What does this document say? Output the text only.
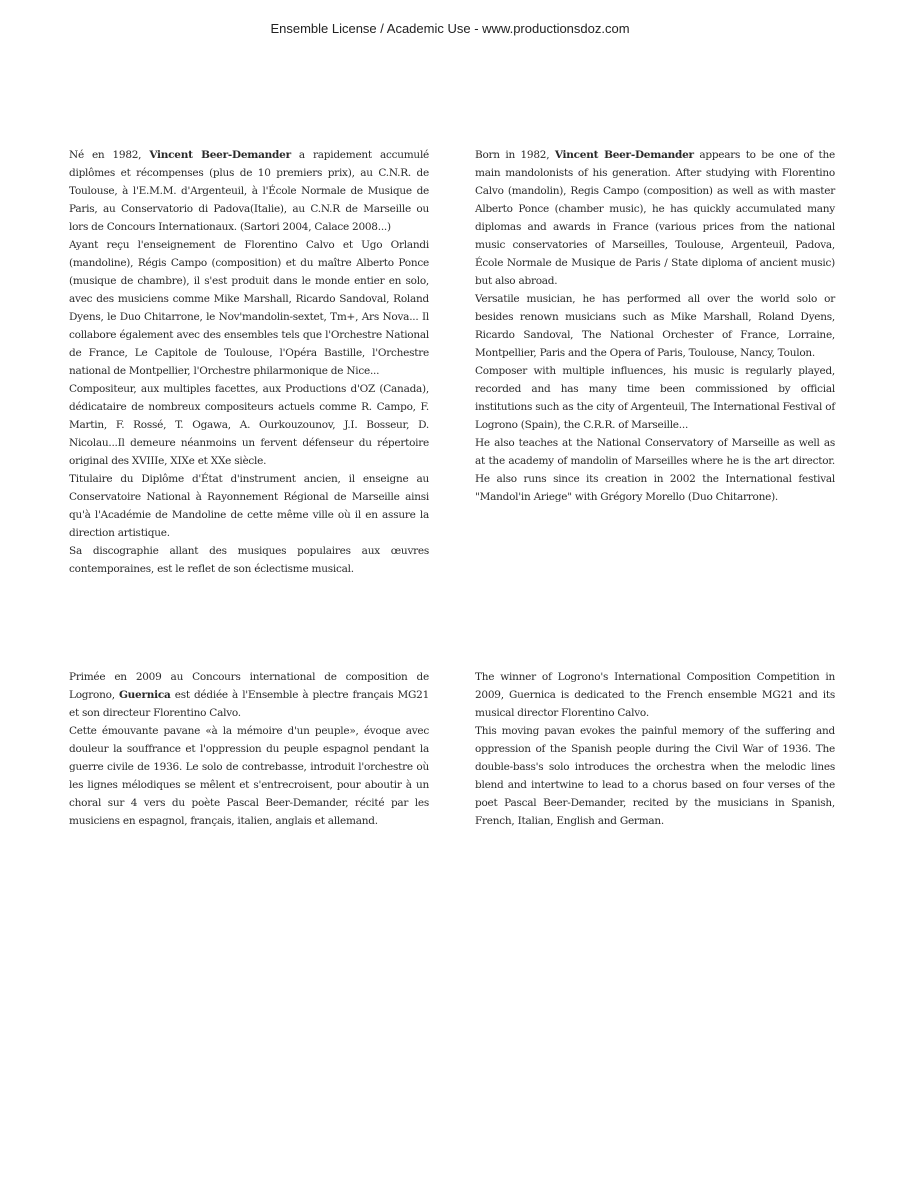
Ensemble License / Academic Use - www.productionsdoz.com

Né en 1982, Vincent Beer-Demander a rapidement accumulé diplômes et récompenses (plus de 10 premiers prix), au C.N.R. de Toulouse, à l'E.M.M. d'Argenteuil, à l'École Normale de Musique de Paris, au Conservatorio di Padova(Italie), au C.N.R de Marseille ou lors de Concours Internationaux. (Sartori 2004, Calace 2008...)

Ayant reçu l'enseignement de Florentino Calvo et Ugo Orlandi (mandoline), Régis Campo (composition) et du maître Alberto Ponce (musique de chambre), il s'est produit dans le monde entier en solo, avec des musiciens comme Mike Marshall, Ricardo Sandoval, Roland Dyens, le Duo Chitarrone, le Nov'mandolin-sextet, Tm+, Ars Nova... Il collabore également avec des ensembles tels que l'Orchestre National de France, Le Capitole de Toulouse, l'Opéra Bastille, l'Orchestre national de Montpellier, l'Orchestre philarmonique de Nice...

Compositeur, aux multiples facettes, aux Productions d'OZ (Canada), dédicataire de nombreux compositeurs actuels comme R. Campo, F. Martin, F. Rossé, T. Ogawa, A. Ourkouzounov, J.I. Bosseur, D. Nicolau...Il demeure néanmoins un fervent défenseur du répertoire original des XVIIIe, XIXe et XXe siècle.

Titulaire du Diplôme d'État d'instrument ancien, il enseigne au Conservatoire National à Rayonnement Régional de Marseille ainsi qu'à l'Académie de Mandoline de cette même ville où il en assure la direction artistique.

Sa discographie allant des musiques populaires aux œuvres contemporaines, est le reflet de son éclectisme musical.

Born in 1982, Vincent Beer-Demander appears to be one of the main mandolonists of his generation. After studying with Florentino Calvo (mandolin), Regis Campo (composition) as well as with master Alberto Ponce (chamber music), he has quickly accumulated many diplomas and awards in France (various prices from the national music conservatories of Marseilles, Toulouse, Argenteuil, Padova, École Normale de Musique de Paris / State diploma of ancient music) but also abroad.

Versatile musician, he has performed all over the world solo or besides renown musicians such as Mike Marshall, Roland Dyens, Ricardo Sandoval, The National Orchester of France, Lorraine, Montpellier, Paris and the Opera of Paris, Toulouse, Nancy, Toulon.

Composer with multiple influences, his music is regularly played, recorded and has many time been commissioned by official institutions such as the city of Argenteuil, The International Festival of Logrono (Spain), the C.R.R. of Marseille...

He also teaches at the National Conservatory of Marseille as well as at the academy of mandolin of Marseilles where he is the art director. He also runs since its creation in 2002 the International festival "Mandol'in Ariege" with Grégory Morello (Duo Chitarrone).

Primée en 2009 au Concours international de composition de Logrono, Guernica est dédiée à l'Ensemble à plectre français MG21 et son directeur Florentino Calvo.

Cette émouvante pavane «à la mémoire d'un peuple», évoque avec douleur la souffrance et l'oppression du peuple espagnol pendant la guerre civile de 1936. Le solo de contrebasse, introduit l'orchestre où les lignes mélodiques se mêlent et s'entrecroisent, pour aboutir à un choral sur 4 vers du poète Pascal Beer-Demander, récité par les musiciens en espagnol, français, italien, anglais et allemand.

The winner of Logrono's International Composition Competition in 2009, Guernica is dedicated to the French ensemble MG21 and its musical director Florentino Calvo.

This moving pavan evokes the painful memory of the suffering and oppression of the Spanish people during the Civil War of 1936. The double-bass's solo introduces the orchestra when the melodic lines blend and intertwine to lead to a chorus based on four verses of the poet Pascal Beer-Demander, recited by the musicians in Spanish, French, Italian, English and German.
